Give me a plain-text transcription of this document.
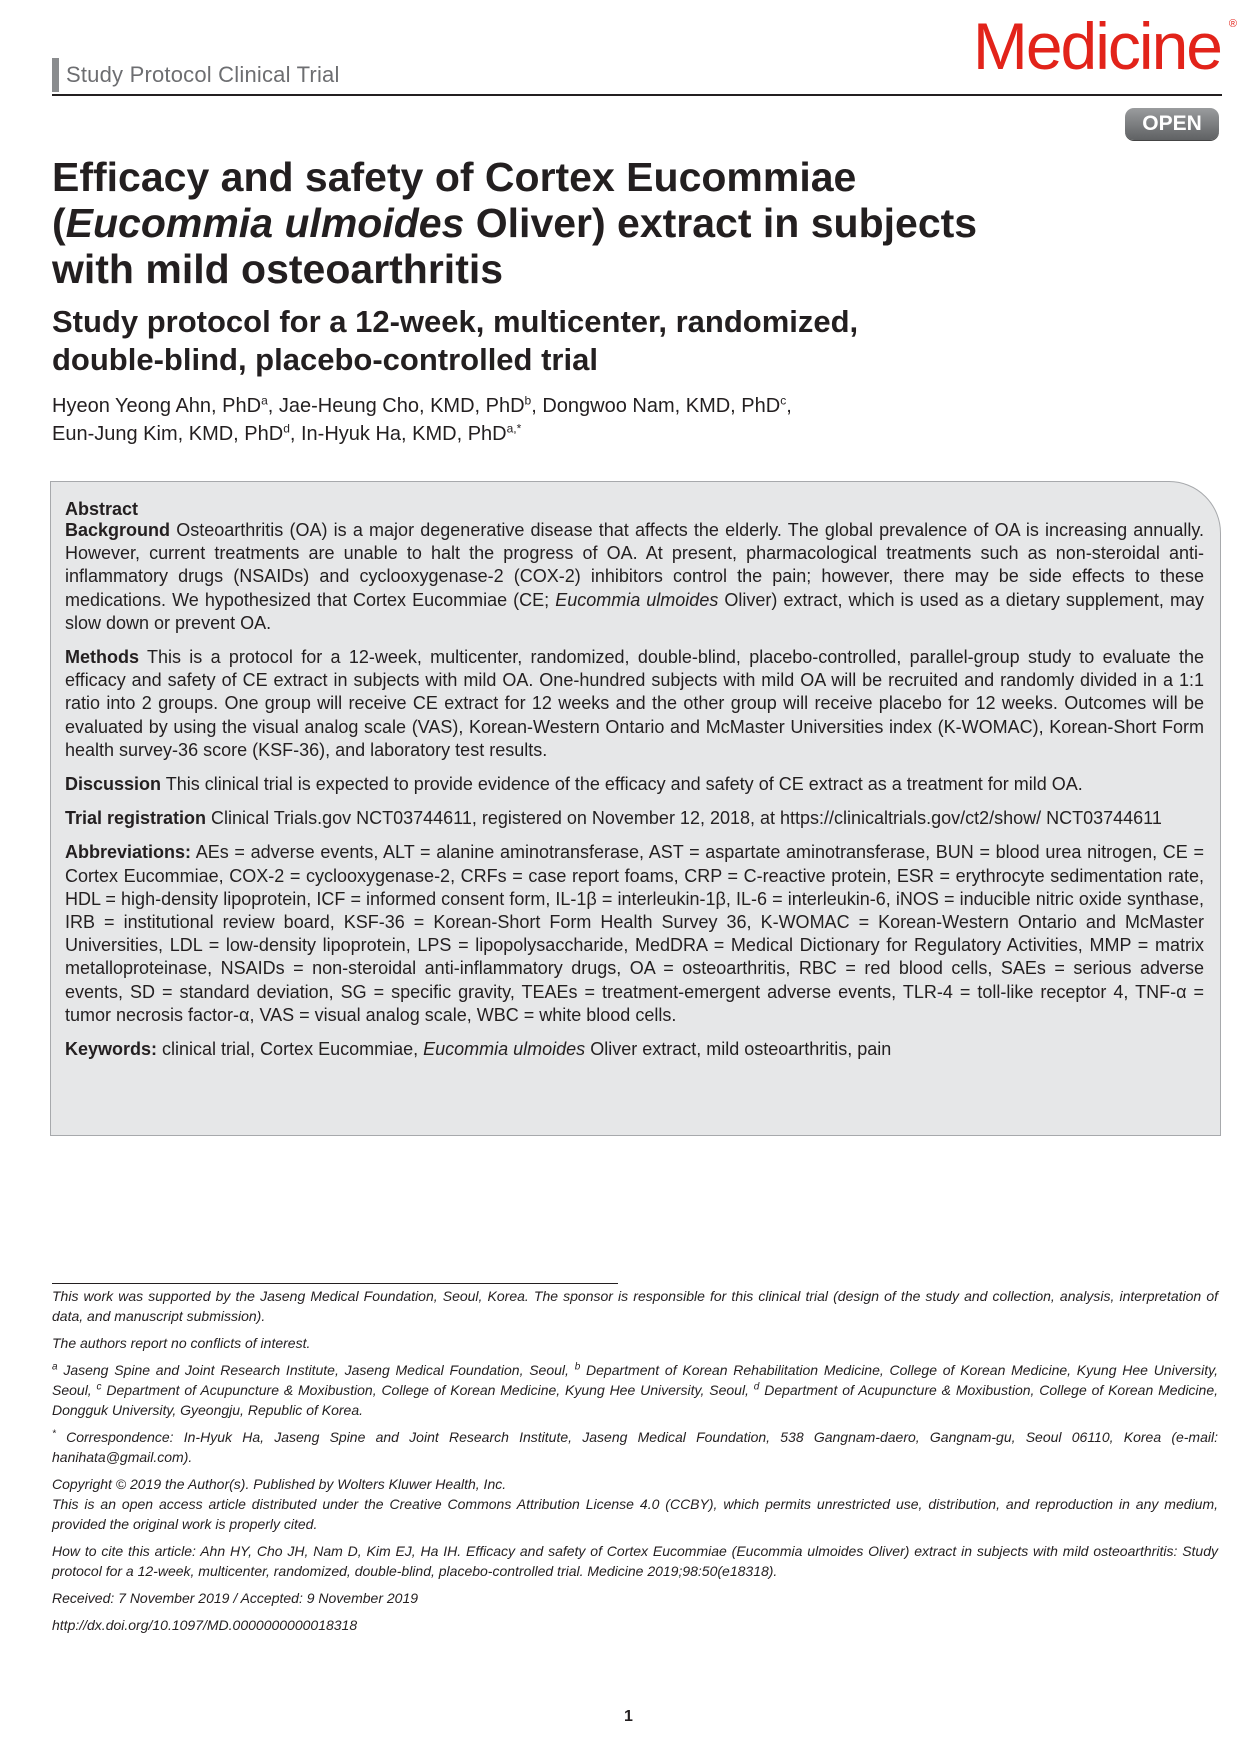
Study Protocol Clinical Trial	Medicine ®
OPEN
Efficacy and safety of Cortex Eucommiae
(Eucommia ulmoides Oliver) extract in subjects
with mild osteoarthritis
Study protocol for a 12-week, multicenter, randomized,
double-blind, placebo-controlled trial
Hyeon Yeong Ahn, PhD$^a$, Jae-Heung Cho, KMD, PhD$^b$, Dongwoo Nam, KMD, PhD$^c$,
Eun-Jung Kim, KMD, PhD$^d$, In-Hyuk Ha, KMD, PhD$^{a,*}$
Abstract

Background Osteoarthritis (OA) is a major degenerative disease that affects the elderly. The global prevalence of OA is increasing annually. However, current treatments are unable to halt the progress of OA. At present, pharmacological treatments such as non-steroidal anti-inflammatory drugs (NSAIDs) and cyclooxygenase-2 (COX-2) inhibitors control the pain; however, there may be side effects to these medications. We hypothesized that Cortex Eucommiae (CE; Eucommia ulmoides Oliver) extract, which is used as a dietary supplement, may slow down or prevent OA.

Methods This is a protocol for a 12-week, multicenter, randomized, double-blind, placebo-controlled, parallel-group study to evaluate the efficacy and safety of CE extract in subjects with mild OA. One-hundred subjects with mild OA will be recruited and randomly divided in a 1:1 ratio into 2 groups. One group will receive CE extract for 12 weeks and the other group will receive placebo for 12 weeks. Outcomes will be evaluated by using the visual analog scale (VAS), Korean-Western Ontario and McMaster Universities index (K-WOMAC), Korean-Short Form health survey-36 score (KSF-36), and laboratory test results.

Discussion This clinical trial is expected to provide evidence of the efficacy and safety of CE extract as a treatment for mild OA.

Trial registration Clinical Trials.gov NCT03744611, registered on November 12, 2018, at https://clinicaltrials.gov/ct2/show/ NCT03744611

Abbreviations: AEs = adverse events, ALT = alanine aminotransferase, AST = aspartate aminotransferase, BUN = blood urea nitrogen, CE = Cortex Eucommiae, COX-2 = cyclooxygenase-2, CRFs = case report foams, CRP = C-reactive protein, ESR = erythrocyte sedimentation rate, HDL = high-density lipoprotein, ICF = informed consent form, IL-1β = interleukin-1β, IL-6 = interleukin-6, iNOS = inducible nitric oxide synthase, IRB = institutional review board, KSF-36 = Korean-Short Form Health Survey 36, K-WOMAC = Korean-Western Ontario and McMaster Universities, LDL = low-density lipoprotein, LPS = lipopolysaccharide, MedDRA = Medical Dictionary for Regulatory Activities, MMP = matrix metalloproteinase, NSAIDs = non-steroidal anti-inflammatory drugs, OA = osteoarthritis, RBC = red blood cells, SAEs = serious adverse events, SD = standard deviation, SG = specific gravity, TEAEs = treatment-emergent adverse events, TLR-4 = toll-like receptor 4, TNF-α = tumor necrosis factor-α, VAS = visual analog scale, WBC = white blood cells.

Keywords: clinical trial, Cortex Eucommiae, Eucommia ulmoides Oliver extract, mild osteoarthritis, pain

This work was supported by the Jaseng Medical Foundation, Seoul, Korea. The sponsor is responsible for this clinical trial (design of the study and collection, analysis, interpretation of data, and manuscript submission).

The authors report no conflicts of interest.

$^a$ Jaseng Spine and Joint Research Institute, Jaseng Medical Foundation, Seoul, $^b$ Department of Korean Rehabilitation Medicine, College of Korean Medicine, Kyung Hee University, Seoul, $^c$ Department of Acupuncture & Moxibustion, College of Korean Medicine, Kyung Hee University, Seoul, $^d$ Department of Acupuncture & Moxibustion, College of Korean Medicine, Dongguk University, Gyeongju, Republic of Korea.

* Correspondence: In-Hyuk Ha, Jaseng Spine and Joint Research Institute, Jaseng Medical Foundation, 538 Gangnam-daero, Gangnam-gu, Seoul 06110, Korea (e-mail: hanihata@gmail.com).

Copyright © 2019 the Author(s). Published by Wolters Kluwer Health, Inc.

This is an open access article distributed under the Creative Commons Attribution License 4.0 (CCBY), which permits unrestricted use, distribution, and reproduction in any medium, provided the original work is properly cited.

How to cite this article: Ahn HY, Cho JH, Nam D, Kim EJ, Ha IH. Efficacy and safety of Cortex Eucommiae (Eucommia ulmoides Oliver) extract in subjects with mild osteoarthritis: Study protocol for a 12-week, multicenter, randomized, double-blind, placebo-controlled trial. Medicine 2019;98:50(e18318).

Received: 7 November 2019 / Accepted: 9 November 2019

http://dx.doi.org/10.1097/MD.0000000000018318

1
